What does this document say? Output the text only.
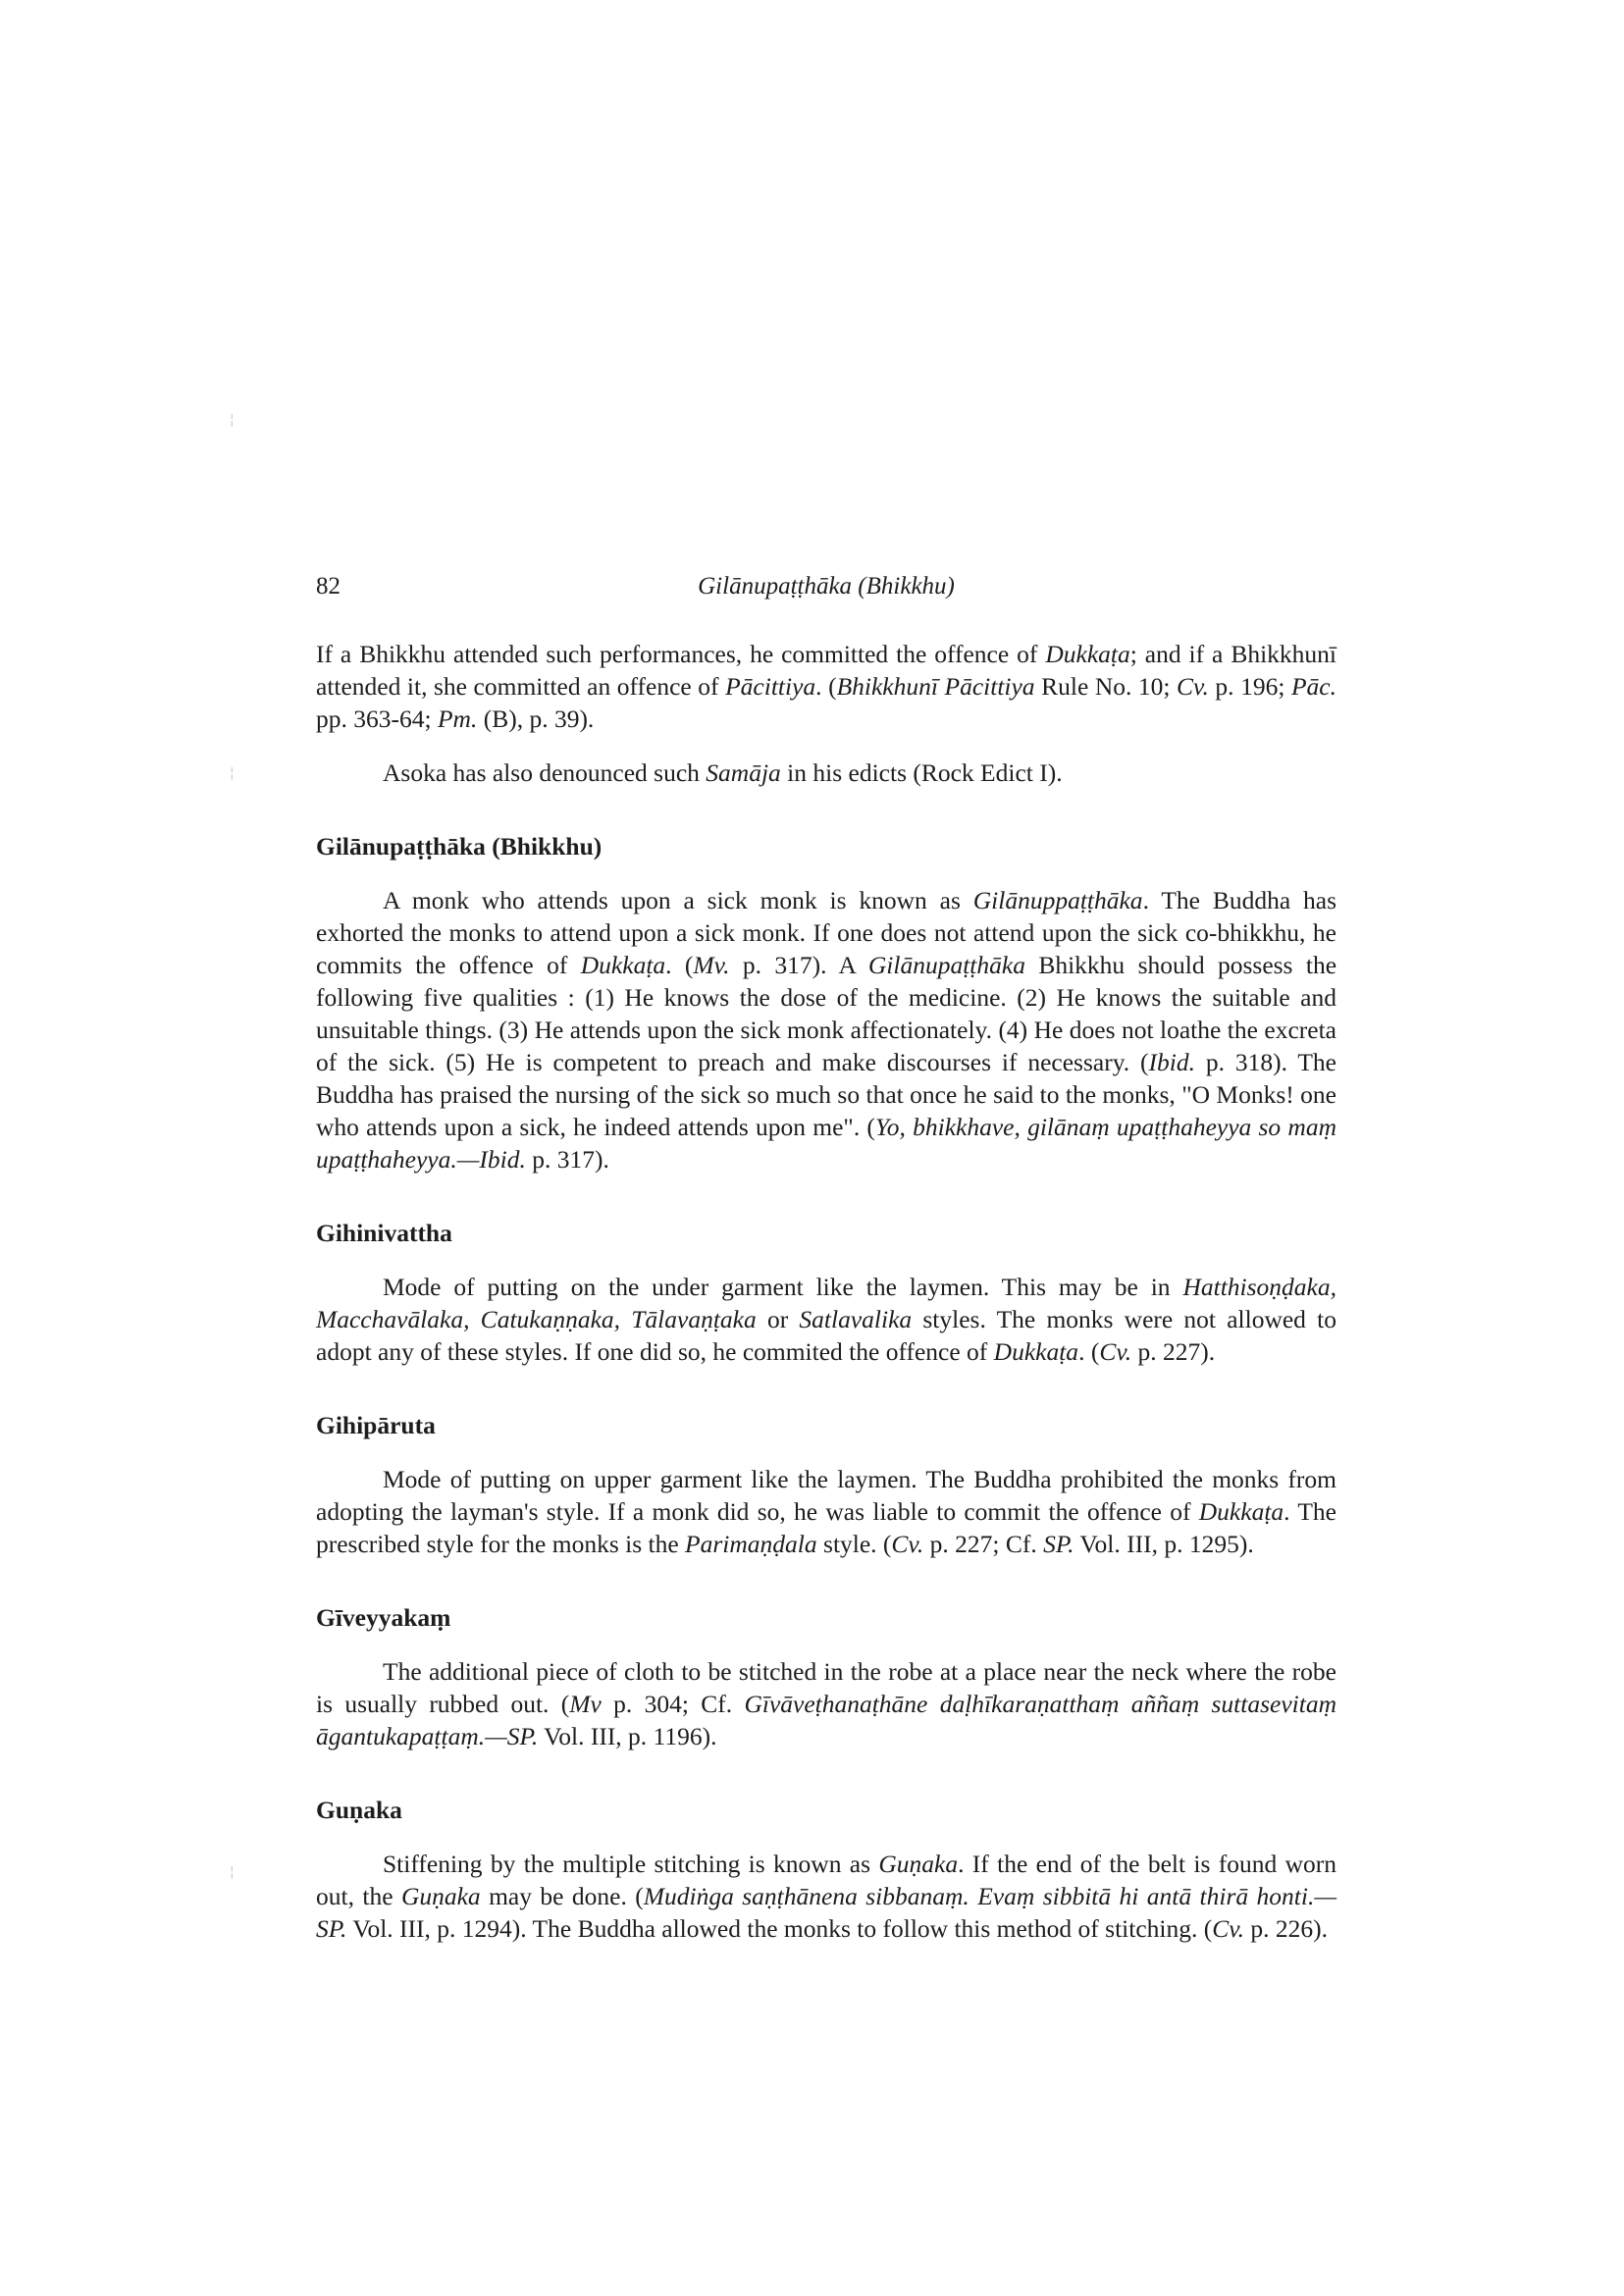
¦
¦
¦
82	Gilānupaṭṭhāka (Bhikkhu)

If a Bhikkhu attended such performances, he committed the offence of Dukkaṭa; and if a Bhikkhunī attended it, she committed an offence of Pācittiya. (Bhikkhunī Pācittiya Rule No. 10; Cv. p. 196; Pāc. pp. 363-64; Pm. (B), p. 39).

Asoka has also denounced such Samāja in his edicts (Rock Edict I).

Gilānupaṭṭhāka (Bhikkhu)

A monk who attends upon a sick monk is known as Gilānuppaṭṭhāka. The Buddha has exhorted the monks to attend upon a sick monk. If one does not attend upon the sick co-bhikkhu, he commits the offence of Dukkaṭa. (Mv. p. 317). A Gilānupaṭṭhāka Bhikkhu should possess the following five qualities : (1) He knows the dose of the medicine. (2) He knows the suitable and unsuitable things. (3) He attends upon the sick monk affectionately. (4) He does not loathe the excreta of the sick. (5) He is competent to preach and make discourses if necessary. (Ibid. p. 318). The Buddha has praised the nursing of the sick so much so that once he said to the monks, "O Monks! one who attends upon a sick, he indeed attends upon me". (Yo, bhikkhave, gilānaṃ upaṭṭhaheyya so maṃ upaṭṭhaheyya.—Ibid. p. 317).

Gihinivattha

Mode of putting on the under garment like the laymen. This may be in Hatthisoṇḍaka, Macchavālaka, Catukaṇṇaka, Tālavaṇṭaka or Satlavalika styles. The monks were not allowed to adopt any of these styles. If one did so, he commited the offence of Dukkaṭa. (Cv. p. 227).

Gihipāruta

Mode of putting on upper garment like the laymen. The Buddha prohibited the monks from adopting the layman's style. If a monk did so, he was liable to commit the offence of Dukkaṭa. The prescribed style for the monks is the Parimaṇḍala style. (Cv. p. 227; Cf. SP. Vol. III, p. 1295).

Gīveyyakaṃ

The additional piece of cloth to be stitched in the robe at a place near the neck where the robe is usually rubbed out. (Mv p. 304; Cf. Gīvāveṭhanaṭhāne daḷhīkaraṇatthaṃ aññaṃ suttasevitaṃ āgantukapaṭṭaṃ.—SP. Vol. III, p. 1196).

Guṇaka

Stiffening by the multiple stitching is known as Guṇaka. If the end of the belt is found worn out, the Guṇaka may be done. (Mudiṅga saṇṭhānena sibbanaṃ. Evaṃ sibbitā hi antā thirā honti.—SP. Vol. III, p. 1294). The Buddha allowed the monks to follow this method of stitching. (Cv. p. 226).
